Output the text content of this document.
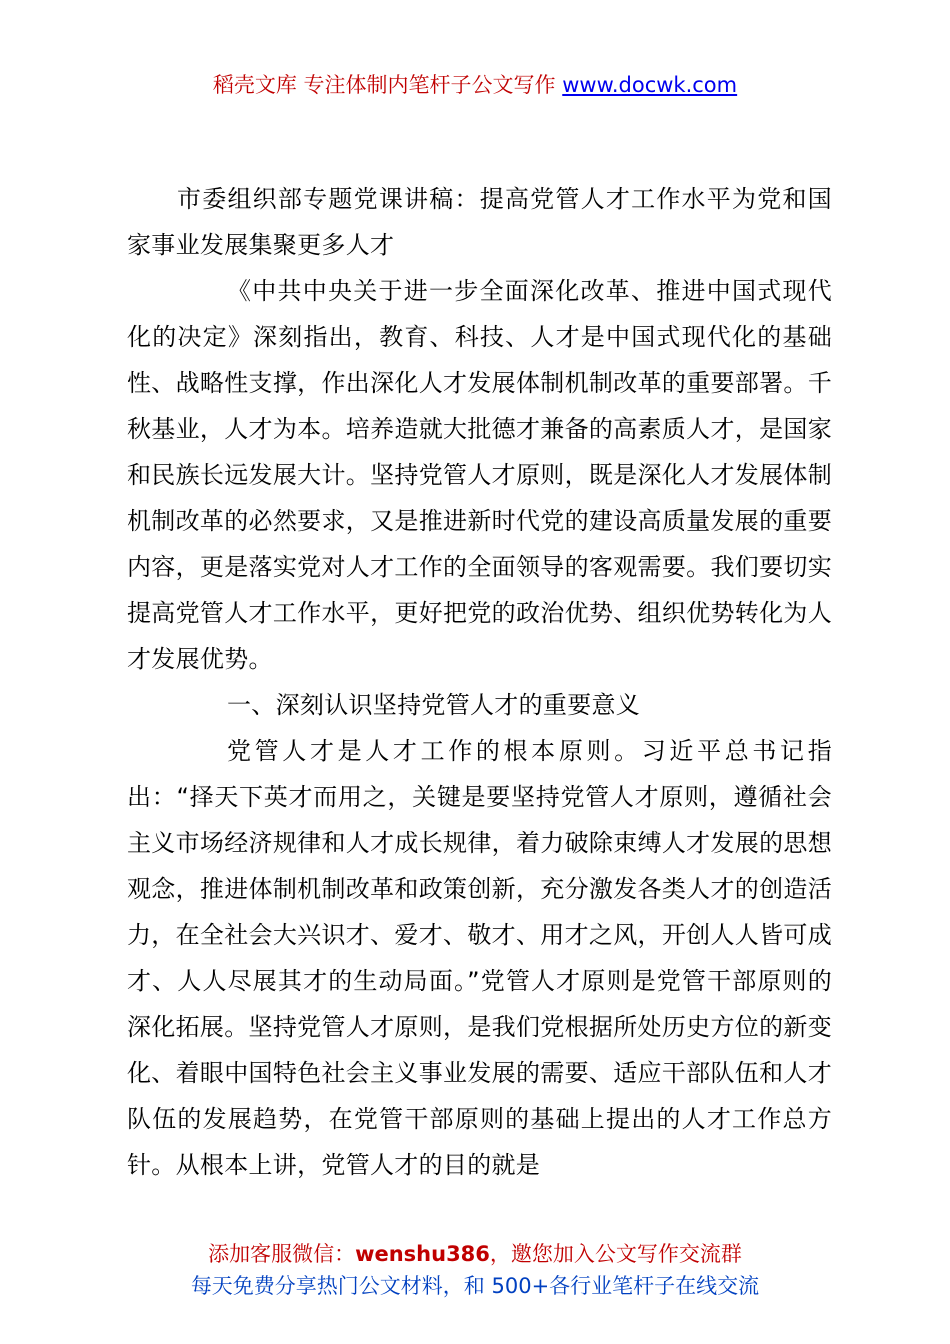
稻壳文库 专注体制内笔杆子公文写作 www.docwk.com

市委组织部专题党课讲稿：提高党管人才工作水平为党和国家事业发展集聚更多人才

《中共中央关于进一步全面深化改革、推进中国式现代化的决定》深刻指出，教育、科技、人才是中国式现代化的基础性、战略性支撑，作出深化人才发展体制机制改革的重要部署。千秋基业，人才为本。培养造就大批德才兼备的高素质人才，是国家和民族长远发展大计。坚持党管人才原则，既是深化人才发展体制机制改革的必然要求，又是推进新时代党的建设高质量发展的重要内容，更是落实党对人才工作的全面领导的客观需要。我们要切实提高党管人才工作水平，更好把党的政治优势、组织优势转化为人才发展优势。

一、深刻认识坚持党管人才的重要意义

党管人才是人才工作的根本原则。习近平总书记指出：“择天下英才而用之，关键是要坚持党管人才原则，遵循社会主义市场经济规律和人才成长规律，着力破除束缚人才发展的思想观念，推进体制机制改革和政策创新，充分激发各类人才的创造活力，在全社会大兴识才、爱才、敬才、用才之风，开创人人皆可成才、人人尽展其才的生动局面。”党管人才原则是党管干部原则的深化拓展。坚持党管人才原则，是我们党根据所处历史方位的新变化、着眼中国特色社会主义事业发展的需要、适应干部队伍和人才队伍的发展趋势，在党管干部原则的基础上提出的人才工作总方针。从根本上讲，党管人才的目的就是

添加客服微信：wenshu386，邀您加入公文写作交流群
每天免费分享热门公文材料，和 500+各行业笔杆子在线交流
